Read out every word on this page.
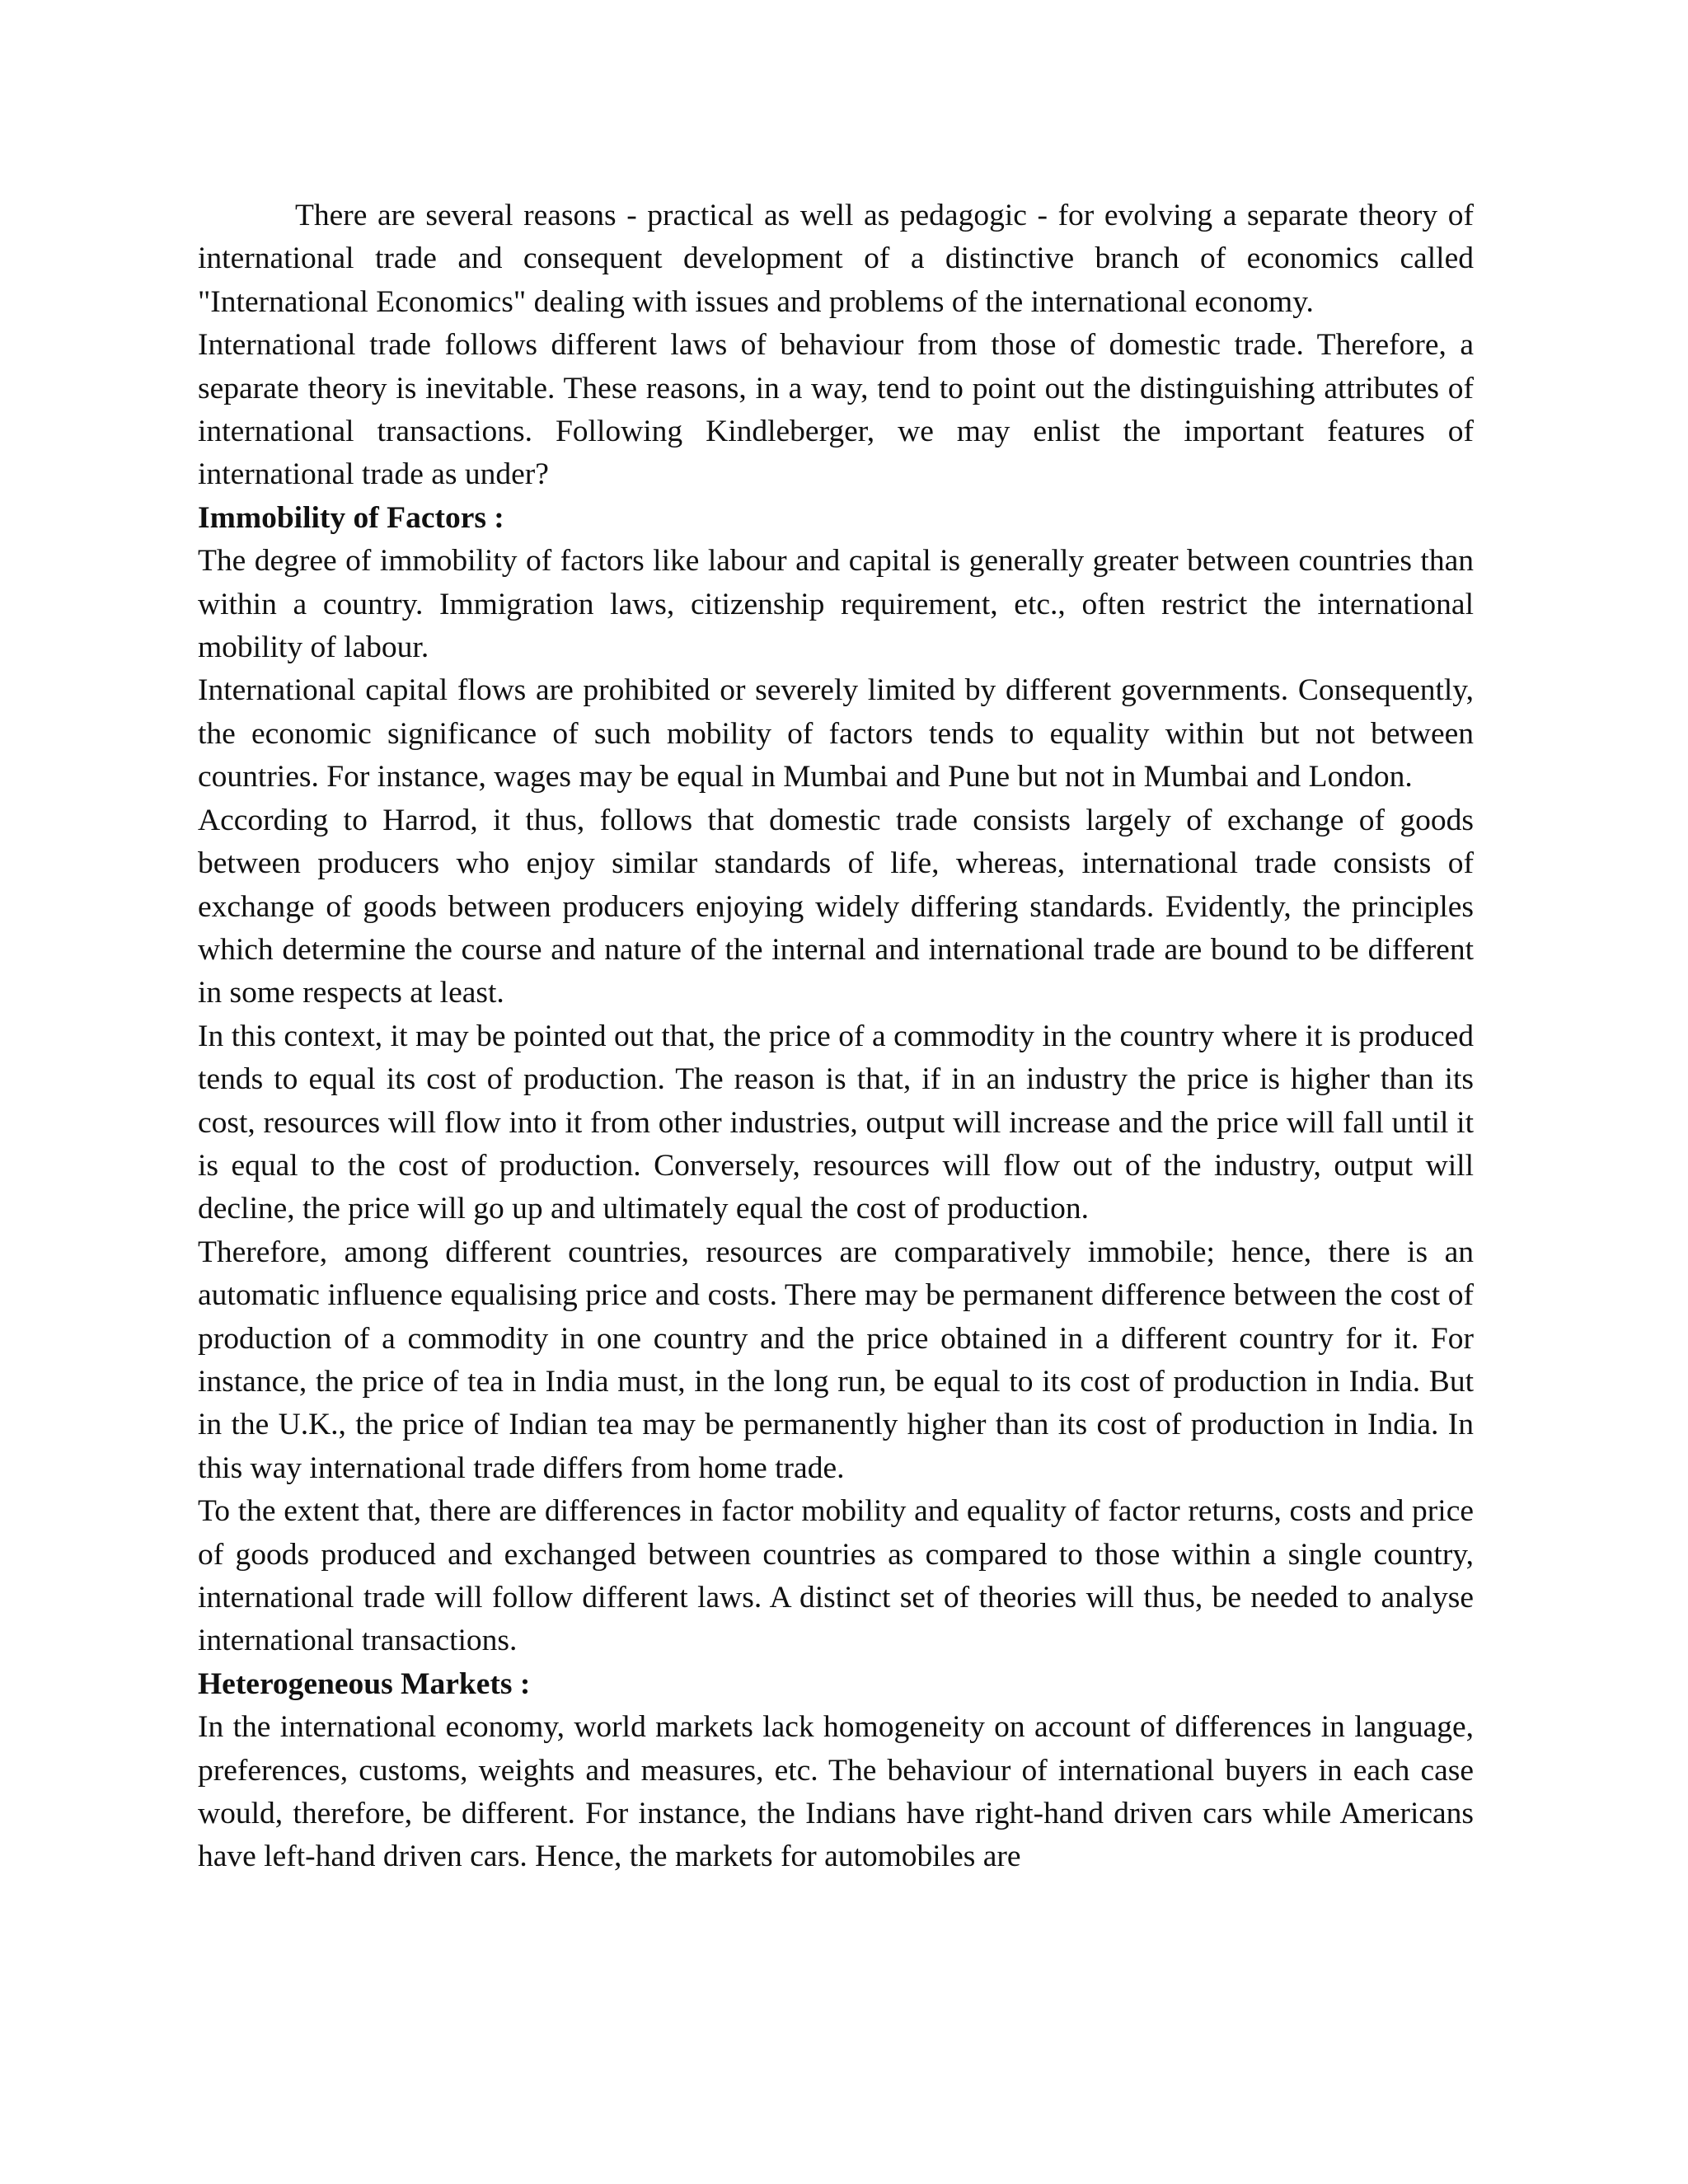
There are several reasons - practical as well as pedagogic - for evolving a separate theory of international trade and consequent development of a distinctive branch of economics called "International Economics" dealing with issues and problems of the international economy.

International trade follows different laws of behaviour from those of domestic trade. Therefore, a separate theory is inevitable. These reasons, in a way, tend to point out the distinguishing attributes of international transactions. Following Kindleberger, we may enlist the important features of international trade as under?

Immobility of Factors :

The degree of immobility of factors like labour and capital is generally greater between countries than within a country. Immigration laws, citizenship requirement, etc., often restrict the international mobility of labour.

International capital flows are prohibited or severely limited by different governments. Consequently, the economic significance of such mobility of factors tends to equality within but not between countries. For instance, wages may be equal in Mumbai and Pune but not in Mumbai and London.

According to Harrod, it thus, follows that domestic trade consists largely of exchange of goods between producers who enjoy similar standards of life, whereas, international trade consists of exchange of goods between producers enjoying widely differing standards. Evidently, the principles which determine the course and nature of the internal and international trade are bound to be different in some respects at least.

In this context, it may be pointed out that, the price of a commodity in the country where it is produced tends to equal its cost of production. The reason is that, if in an industry the price is higher than its cost, resources will flow into it from other industries, output will increase and the price will fall until it is equal to the cost of production. Conversely, resources will flow out of the industry, output will decline, the price will go up and ultimately equal the cost of production.

Therefore, among different countries, resources are comparatively immobile; hence, there is an automatic influence equalising price and costs. There may be permanent difference between the cost of production of a commodity in one country and the price obtained in a different country for it. For instance, the price of tea in India must, in the long run, be equal to its cost of production in India. But in the U.K., the price of Indian tea may be permanently higher than its cost of production in India. In this way international trade differs from home trade.

To the extent that, there are differences in factor mobility and equality of factor returns, costs and price of goods produced and exchanged between countries as compared to those within a single country, international trade will follow different laws. A distinct set of theories will thus, be needed to analyse international transactions.

Heterogeneous Markets :

In the international economy, world markets lack homogeneity on account of differences in language, preferences, customs, weights and measures, etc. The behaviour of international buyers in each case would, therefore, be different. For instance, the Indians have right-hand driven cars while Americans have left-hand driven cars. Hence, the markets for automobiles are
